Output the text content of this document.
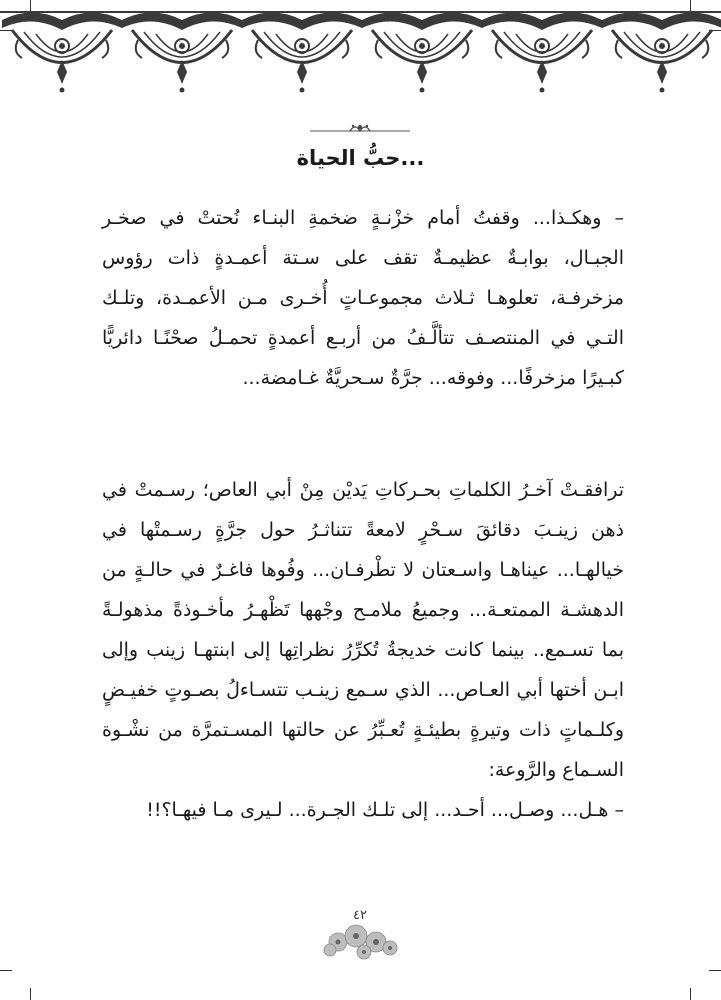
حبُّ الحياة...
– وهكـذا... وقفتُ أمام خزْنـةٍ ضخمةِ البنـاء نُحتتْ في صخـر الجبـال، بوابـةٌ عظيمـةٌ تقف على سـتة أعمـدةٍ ذات رؤوس مزخرفـة، تعلوهـا ثـلاث مجموعـاتٍ أُخـرى مـن الأعمـدة، وتلـك التـي في المنتصـف تتألَّـفُ من أربـع أعمدةٍ تحمـلُ صحْنًـا دائريًّا كبـيرًا مزخرفًا... وفوقه... جرَّةٌ سـحريَّةٌ غـامضة...
ترافقـتْ آخـرُ الكلماتِ بحـركاتِ يَديْن مِنْ أبي العاص؛ رسـمتْ في ذهن زينـبَ دقائقَ سـحْرٍ لامعةً تتناثـرُ حول جرَّةٍ رسـمتْها في خيالهـا... عيناهـا واسـعتان لا تطْرفـان... وفُوها فاغـرٌ في حالـةٍ من الدهشـة الممتعـة... وجميعُ ملامـح وجْهها تَظْهـرُ مأخـوذةً مذهولـةً بما تسـمع.. بينما كانت خديجةُ تُكرِّرُ نظراتِها إلى ابنتهـا زينب وإلى ابـن أختها أبي العـاص... الذي سـمع زينـب تتسـاءلُ بصـوتٍ خفيـضٍ وكلـماتٍ ذات وتيرةٍ بطيئـةٍ تُعـبِّرُ عن حالتها المسـتمرَّة من نشْـوة السـماع والرَّوعة:
– هـل... وصـل... أحـد... إلى تلـك الجـرة... لـيرى مـا فيهـا؟!!
٤٢
